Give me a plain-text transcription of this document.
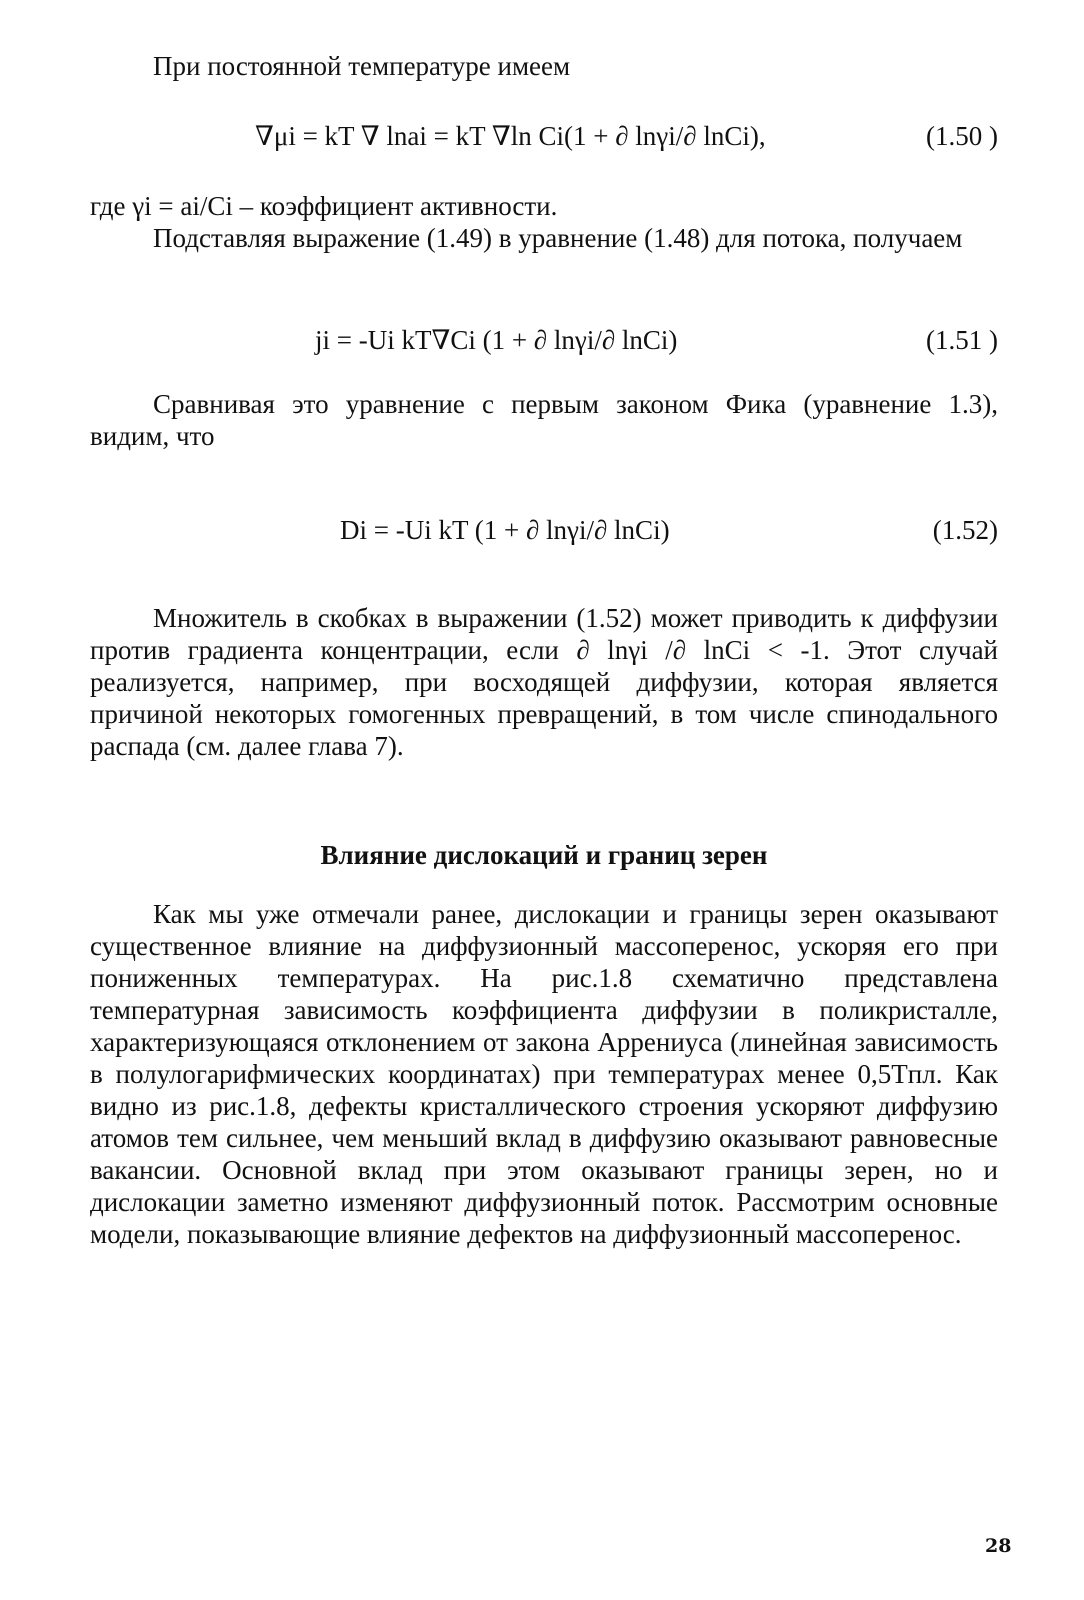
При постоянной температуре имеем

∇μi = kT ∇ lnai = kT ∇ln Ci(1 + ∂ lnγi/∂ lnCi),	(1.50 )

где γi = ai/Ci – коэффициент активности.

Подставляя выражение (1.49) в уравнение (1.48) для потока, получаем

ji = -Ui kT∇Ci (1 + ∂ lnγi/∂ lnCi)	(1.51 )

Сравнивая это уравнение с первым законом Фика (уравнение 1.3), видим, что

Di = -Ui kT (1 + ∂ lnγi/∂ lnCi)	(1.52)

Множитель в скобках в выражении (1.52) может приводить к диффузии против градиента концентрации, если ∂ lnγi /∂ lnCi < -1. Этот случай реализуется, например, при восходящей диффузии, которая является причиной некоторых гомогенных превращений, в том числе спинодального распада (см. далее глава 7).

Влияние дислокаций и границ зерен

Как мы уже отмечали ранее, дислокации и границы зерен оказывают существенное влияние на диффузионный массоперенос, ускоряя его при пониженных температурах. На рис.1.8 схематично представлена температурная зависимость коэффициента диффузии в поликристалле, характеризующаяся отклонением от закона Аррениуса (линейная зависимость в полулогарифмических координатах) при температурах менее 0,5Tпл. Как видно из рис.1.8, дефекты кристаллического строения ускоряют диффузию атомов тем сильнее, чем меньший вклад в диффузию оказывают равновесные вакансии. Основной вклад при этом оказывают границы зерен, но и дислокации заметно изменяют диффузионный поток. Рассмотрим основные модели, показывающие влияние дефектов на диффузионный массоперенос.

28
